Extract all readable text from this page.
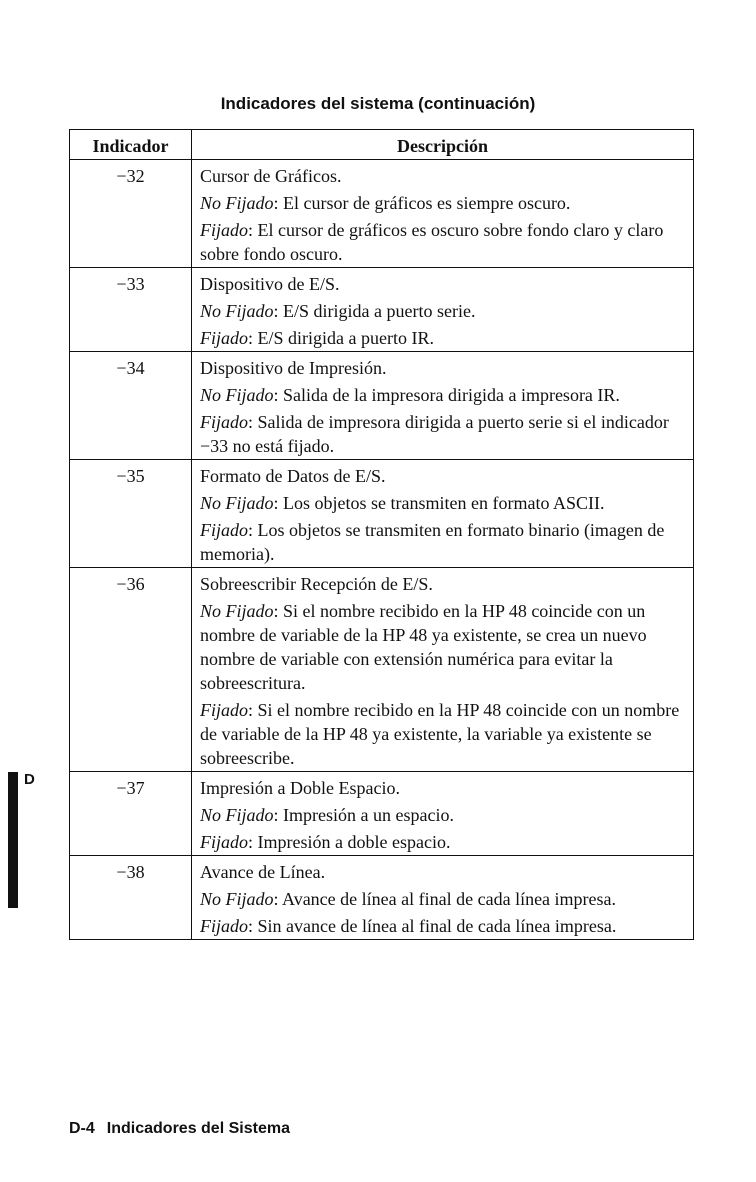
Indicadores del sistema (continuación)
Indicador	Descripción
−32	Cursor de Gráficos.

No Fijado: El cursor de gráficos es siempre oscuro.

Fijado: El cursor de gráficos es oscuro sobre fondo claro y claro sobre fondo oscuro.

−33	Dispositivo de E/S.

No Fijado: E/S dirigida a puerto serie.

Fijado: E/S dirigida a puerto IR.

−34	Dispositivo de Impresión.

No Fijado: Salida de la impresora dirigida a impresora IR.

Fijado: Salida de impresora dirigida a puerto serie si el indicador −33 no está fijado.

−35	Formato de Datos de E/S.

No Fijado: Los objetos se transmiten en formato ASCII.

Fijado: Los objetos se transmiten en formato binario (imagen de memoria).

−36	Sobreescribir Recepción de E/S.

No Fijado: Si el nombre recibido en la HP 48 coincide con un nombre de variable de la HP 48 ya existente, se crea un nuevo nombre de variable con extensión numérica para evitar la sobreescritura.

Fijado: Si el nombre recibido en la HP 48 coincide con un nombre de variable de la HP 48 ya existente, la variable ya existente se sobreescribe.

−37	Impresión a Doble Espacio.

No Fijado: Impresión a un espacio.

Fijado: Impresión a doble espacio.

−38	Avance de Línea.

No Fijado: Avance de línea al final de cada línea impresa.

Fijado: Sin avance de línea al final de cada línea impresa.

D
D-4 Indicadores del Sistema
